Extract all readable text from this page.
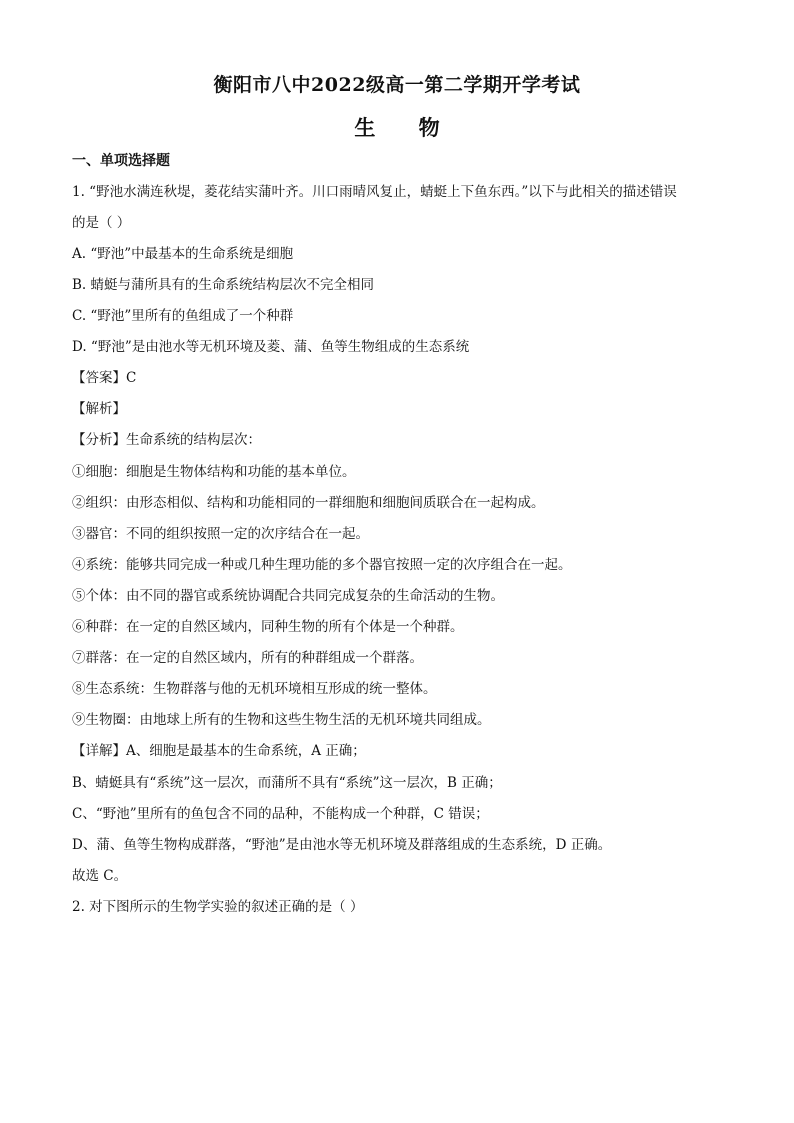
衡阳市八中2022级高一第二学期开学考试
生 物
一、单项选择题
1. “野池水满连秋堤，菱花结实蒲叶齐。川口雨晴风复止，蜻蜓上下鱼东西。”以下与此相关的描述错误
的是（ ）
A. “野池”中最基本的生命系统是细胞
B. 蜻蜓与蒲所具有的生命系统结构层次不完全相同
C. “野池”里所有的鱼组成了一个种群
D. “野池”是由池水等无机环境及菱、蒲、鱼等生物组成的生态系统
【答案】C
【解析】
【分析】生命系统的结构层次：
①细胞：细胞是生物体结构和功能的基本单位。
②组织：由形态相似、结构和功能相同的一群细胞和细胞间质联合在一起构成。
③器官：不同的组织按照一定的次序结合在一起。
④系统：能够共同完成一种或几种生理功能的多个器官按照一定的次序组合在一起。
⑤个体：由不同的器官或系统协调配合共同完成复杂的生命活动的生物。
⑥种群：在一定的自然区域内，同种生物的所有个体是一个种群。
⑦群落：在一定的自然区域内，所有的种群组成一个群落。
⑧生态系统：生物群落与他的无机环境相互形成的统一整体。
⑨生物圈：由地球上所有的生物和这些生物生活的无机环境共同组成。
【详解】A、细胞是最基本的生命系统，A 正确；
B、蜻蜓具有“系统”这一层次，而蒲所不具有“系统”这一层次，B 正确；
C、“野池”里所有的鱼包含不同的品种，不能构成一个种群，C 错误；
D、蒲、鱼等生物构成群落，“野池”是由池水等无机环境及群落组成的生态系统，D 正确。
故选 C。
2. 对下图所示的生物学实验的叙述正确的是（ ）
